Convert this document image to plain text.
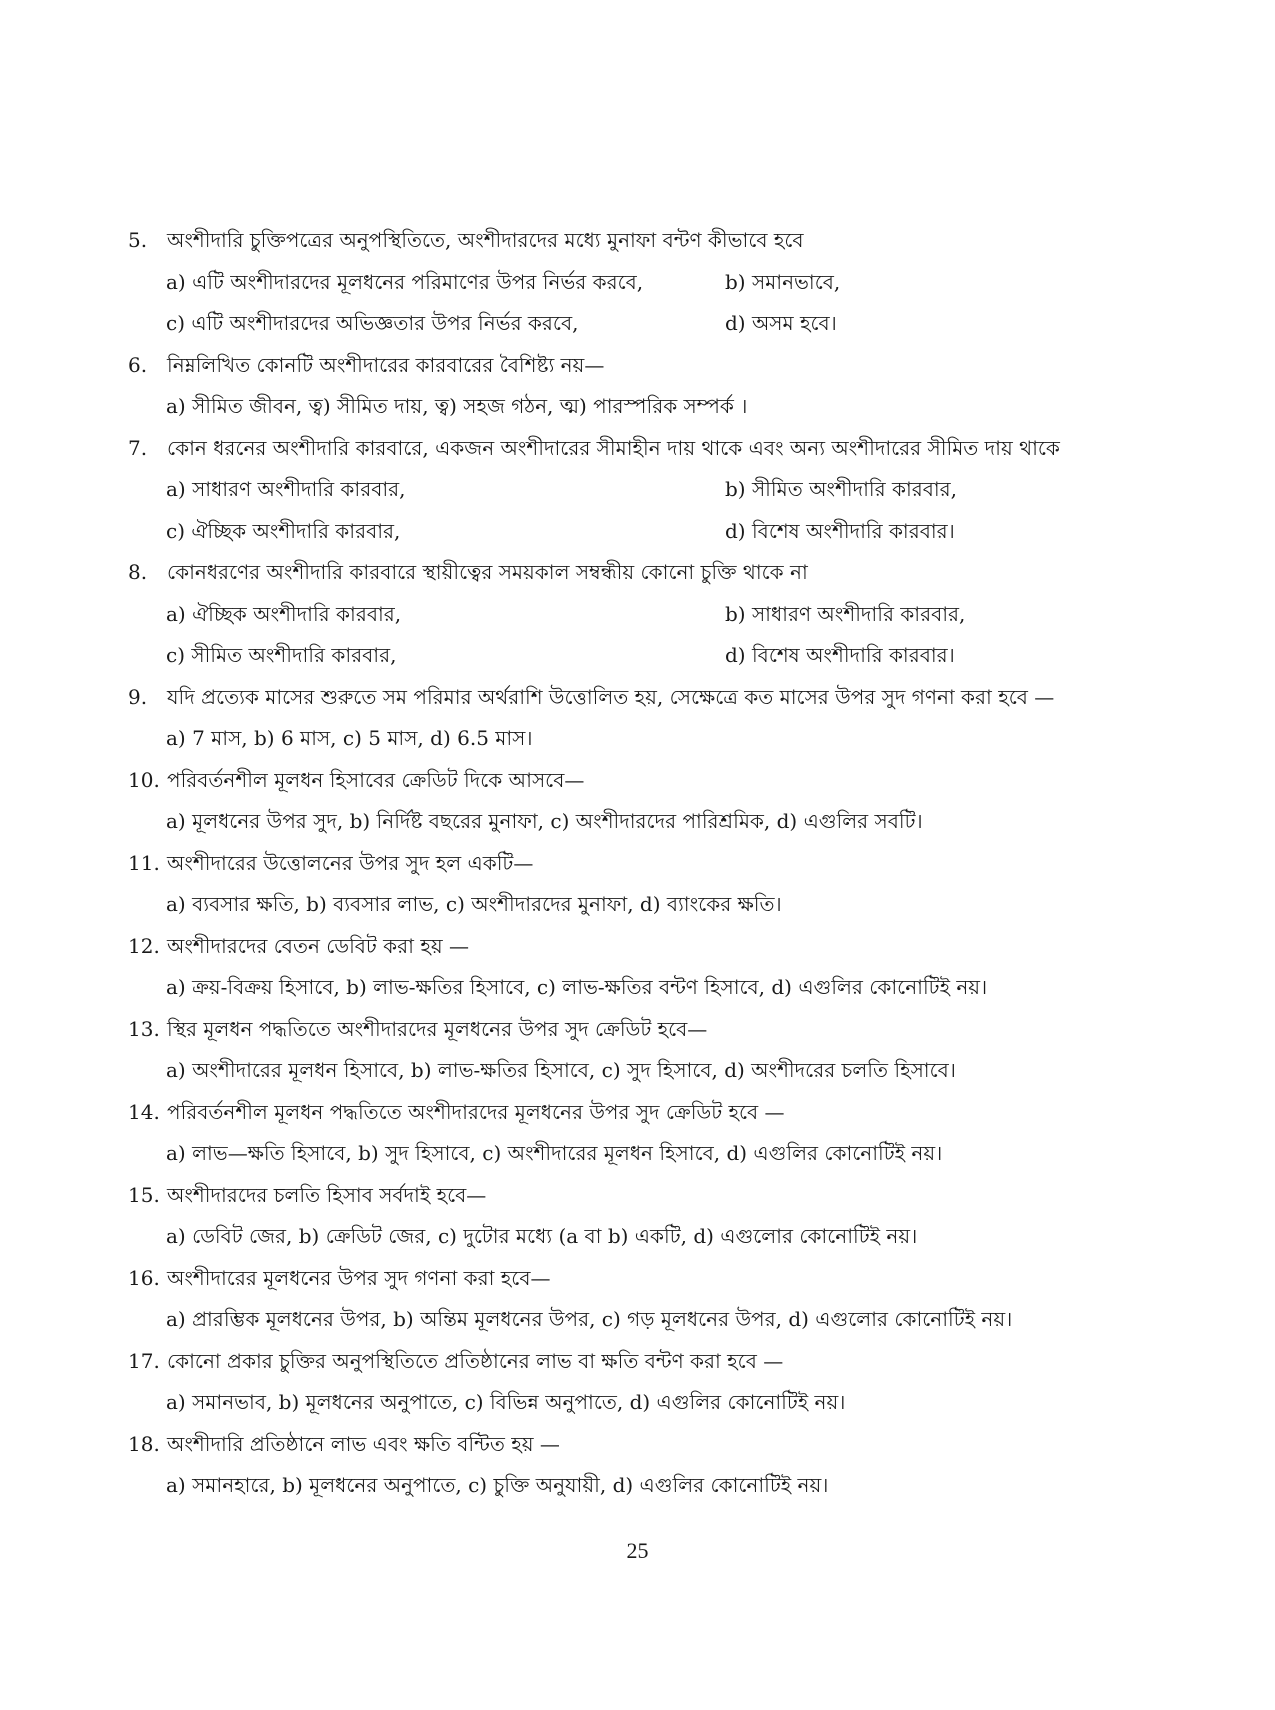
5. অংশীদারি চুক্তিপত্রের অনুপস্থিতিতে, অংশীদারদের মধ্যে মুনাফা বন্টণ কীভাবে হবে
a) এটি অংশীদারদের মূলধনের পরিমাণের উপর নির্ভর করবে,	b) সমানভাবে,
c) এটি অংশীদারদের অভিজ্ঞতার উপর নির্ভর করবে,	d) অসম হবে।
6. নিম্নলিখিত কোনটি অংশীদারের কারবারের বৈশিষ্ট্য নয়—
a) সীমিত জীবন, ত্ব) সীমিত দায়, ত্ব) সহজ গঠন, ত্ম) পারস্পরিক সম্পর্ক ।
7. কোন ধরনের অংশীদারি কারবারে, একজন অংশীদারের সীমাহীন দায় থাকে এবং অন্য অংশীদারের সীমিত দায় থাকে
a) সাধারণ অংশীদারি কারবার,	b) সীমিত অংশীদারি কারবার,
c) ঐচ্ছিক অংশীদারি কারবার,	d) বিশেষ অংশীদারি কারবার।
8. কোনধরণের অংশীদারি কারবারে স্থায়ীত্বের সময়কাল সম্বন্ধীয় কোনো চুক্তি থাকে না
a) ঐচ্ছিক অংশীদারি কারবার,	b) সাধারণ অংশীদারি কারবার,
c) সীমিত অংশীদারি কারবার,	d) বিশেষ অংশীদারি কারবার।
9. যদি প্রত্যেক মাসের শুরুতে সম পরিমার অর্থরাশি উত্তোলিত হয়, সেক্ষেত্রে কত মাসের উপর সুদ গণনা করা হবে —
a) 7 মাস, b) 6 মাস, c) 5 মাস, d) 6.5 মাস।
10. পরিবর্তনশীল মূলধন হিসাবের ক্রেডিট দিকে আসবে—
a) মূলধনের উপর সুদ, b) নির্দিষ্ট বছরের মুনাফা, c) অংশীদারদের পারিশ্রমিক, d) এগুলির সবটি।
11. অংশীদারের উত্তোলনের উপর সুদ হল একটি—
a) ব্যবসার ক্ষতি, b) ব্যবসার লাভ, c) অংশীদারদের মুনাফা, d) ব্যাংকের ক্ষতি।
12. অংশীদারদের বেতন ডেবিট করা হয় —
a) ক্রয়-বিক্রয় হিসাবে, b) লাভ-ক্ষতির হিসাবে, c) লাভ-ক্ষতির বন্টণ হিসাবে, d) এগুলির কোনোটিই নয়।
13. স্থির মূলধন পদ্ধতিতে অংশীদারদের মূলধনের উপর সুদ ক্রেডিট হবে—
a) অংশীদারের মূলধন হিসাবে, b) লাভ-ক্ষতির হিসাবে, c) সুদ হিসাবে, d) অংশীদরের চলতি হিসাবে।
14. পরিবর্তনশীল মূলধন পদ্ধতিতে অংশীদারদের মূলধনের উপর সুদ ক্রেডিট হবে —
a) লাভ—ক্ষতি হিসাবে, b) সুদ হিসাবে, c) অংশীদারের মূলধন হিসাবে, d) এগুলির কোনোটিই নয়।
15. অংশীদারদের চলতি হিসাব সর্বদাই হবে—
a) ডেবিট জের, b) ক্রেডিট জের, c) দুটোর মধ্যে (a বা b) একটি, d) এগুলোর কোনোটিই নয়।
16. অংশীদারের মূলধনের উপর সুদ গণনা করা হবে—
a) প্রারম্ভিক মূলধনের উপর, b) অন্তিম মূলধনের উপর, c) গড় মূলধনের উপর, d) এগুলোর কোনোটিই নয়।
17. কোনো প্রকার চুক্তির অনুপস্থিতিতে প্রতিষ্ঠানের লাভ বা ক্ষতি বন্টণ করা হবে —
a) সমানভাব, b) মূলধনের অনুপাতে, c) বিভিন্ন অনুপাতে, d) এগুলির কোনোটিই নয়।
18. অংশীদারি প্রতিষ্ঠানে লাভ এবং ক্ষতি বন্টিত হয় —
a) সমানহারে, b) মূলধনের অনুপাতে, c) চুক্তি অনুযায়ী, d) এগুলির কোনোটিই নয়।
25
